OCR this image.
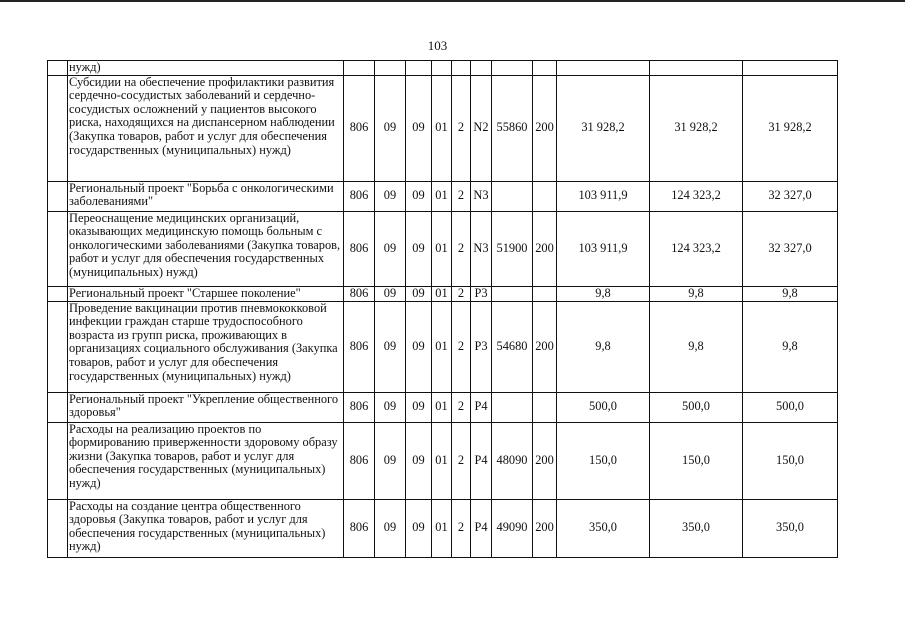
103
	нужд)											
	Субсидии на обеспечение профилактики развития сердечно-сосудистых заболеваний и сердечно-сосудистых осложнений у пациентов высокого риска, находящихся на диспансерном наблюдении (Закупка товаров, работ и услуг для обеспечения государственных (муниципальных) нужд)	806	09	09	01	2	N2	55860	200	31 928,2	31 928,2	31 928,2
	Региональный проект "Борьба с онкологическими заболеваниями"	806	09	09	01	2	N3			103 911,9	124 323,2	32 327,0
	Переоснащение медицинских организаций, оказывающих медицинскую помощь больным с онкологическими заболеваниями (Закупка товаров, работ и услуг для обеспечения государственных (муниципальных) нужд)	806	09	09	01	2	N3	51900	200	103 911,9	124 323,2	32 327,0
	Региональный проект "Старшее поколение"	806	09	09	01	2	P3			9,8	9,8	9,8
	Проведение вакцинации против пневмококковой инфекции граждан старше трудоспособного возраста из групп риска, проживающих в организациях социального обслуживания (Закупка товаров, работ и услуг для обеспечения государственных (муниципальных) нужд)	806	09	09	01	2	P3	54680	200	9,8	9,8	9,8
	Региональный проект "Укрепление общественного здоровья"	806	09	09	01	2	P4			500,0	500,0	500,0
	Расходы на реализацию проектов по формированию приверженности здоровому образу жизни (Закупка товаров, работ и услуг для обеспечения государственных (муниципальных) нужд)	806	09	09	01	2	P4	48090	200	150,0	150,0	150,0
	Расходы на создание центра общественного здоровья (Закупка товаров, работ и услуг для обеспечения государственных (муниципальных) нужд)	806	09	09	01	2	P4	49090	200	350,0	350,0	350,0
